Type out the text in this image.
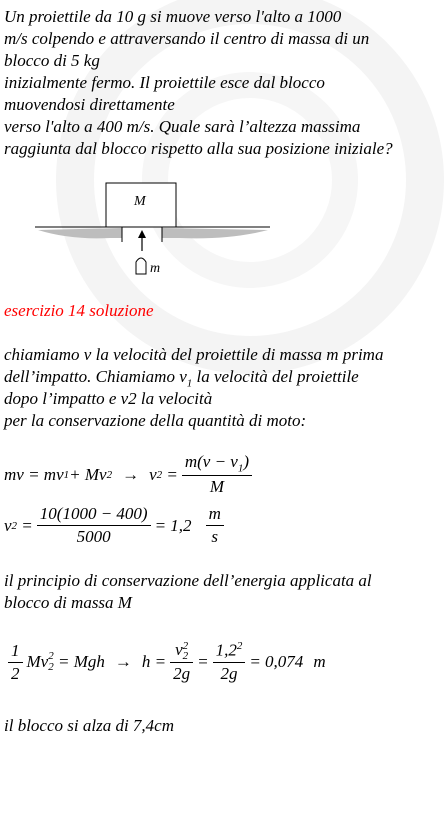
Un proiettile da 10 g si muove verso l'alto a 1000
m/s colpendo e attraversando il centro di massa di un
blocco di 5 kg
inizialmente fermo. Il proiettile esce dal blocco
muovendosi direttamente
verso l'alto a 400 m/s. Quale sarà l’altezza massima
raggiunta dal blocco rispetto alla sua posizione iniziale?
M
m
esercizio 14 soluzione
chiamiamo v la velocità del proiettile di massa m prima
dell’impatto. Chiamiamo $v_1$ la velocità del proiettile
dopo l’impatto e v2 la velocità
per la conservazione della quantità di moto:
mv = mv 1 + Mv 2 → v 2
= $\frac{m(v - v_1)}{M}$
v 2
= $\frac{10(1000 - 400)}{5000} = 1,2 \frac{m}{s}$
il principio di conservazione dell’energia applicata al
blocco di massa M
$\frac{1}{2}$ Mv 2
2
= Mgh → h = v 2
2
$2g = \frac{1,2^2}{2g} = 0,074$ m
il blocco si alza di 7,4cm
